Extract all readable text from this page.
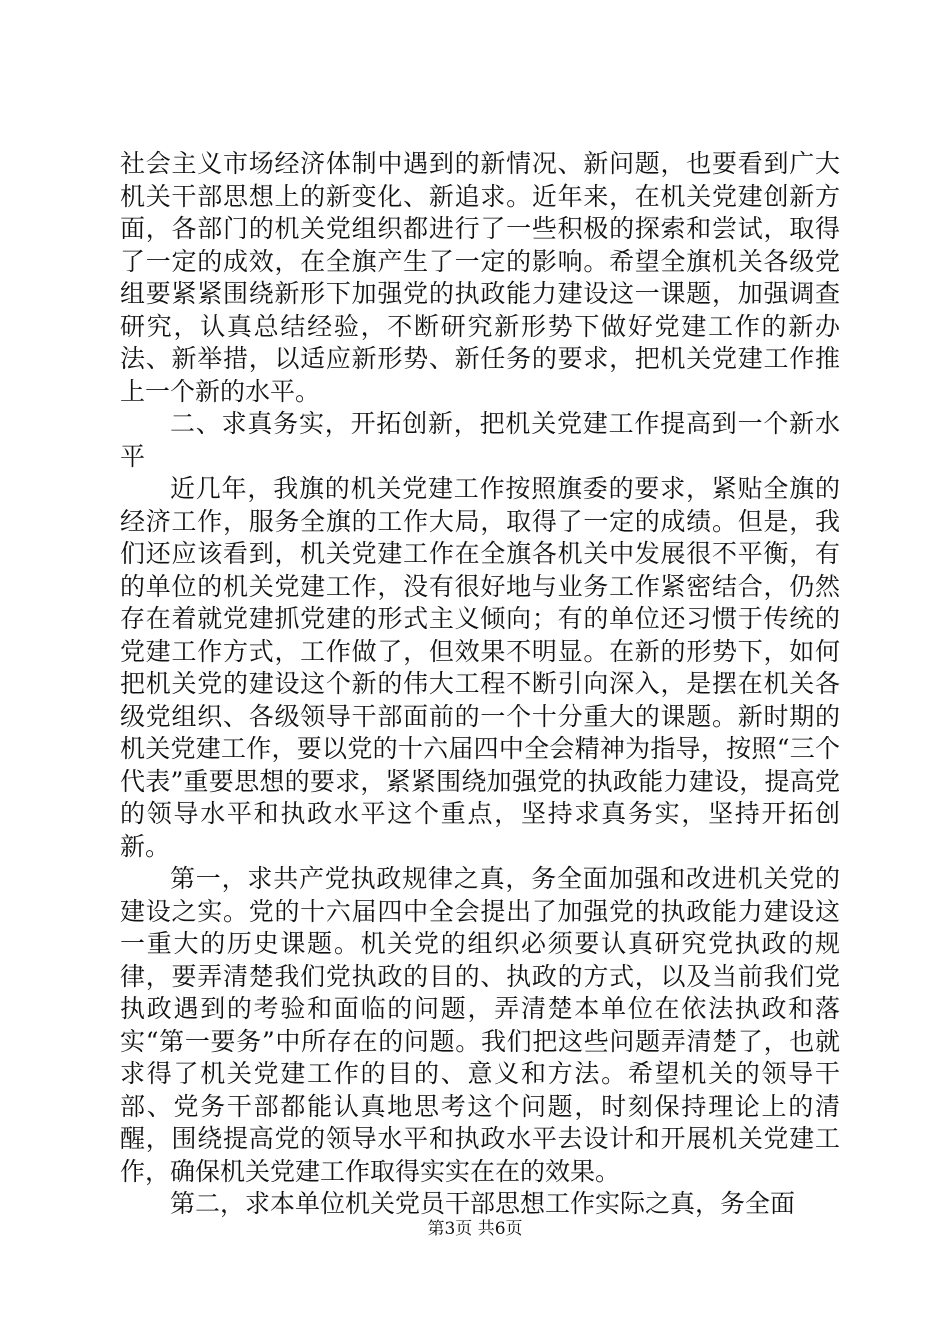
社会主义市场经济体制中遇到的新情况、新问题，也要看到广大机关干部思想上的新变化、新追求。近年来，在机关党建创新方面，各部门的机关党组织都进行了一些积极的探索和尝试，取得了一定的成效，在全旗产生了一定的影响。希望全旗机关各级党组要紧紧围绕新形下加强党的执政能力建设这一课题，加强调查研究，认真总结经验，不断研究新形势下做好党建工作的新办法、新举措，以适应新形势、新任务的要求，把机关党建工作推上一个新的水平。

二、求真务实，开拓创新，把机关党建工作提高到一个新水平

近几年，我旗的机关党建工作按照旗委的要求，紧贴全旗的经济工作，服务全旗的工作大局，取得了一定的成绩。但是，我们还应该看到，机关党建工作在全旗各机关中发展很不平衡，有的单位的机关党建工作，没有很好地与业务工作紧密结合，仍然存在着就党建抓党建的形式主义倾向；有的单位还习惯于传统的党建工作方式，工作做了，但效果不明显。在新的形势下，如何把机关党的建设这个新的伟大工程不断引向深入，是摆在机关各级党组织、各级领导干部面前的一个十分重大的课题。新时期的机关党建工作，要以党的十六届四中全会精神为指导，按照“三个代表”重要思想的要求，紧紧围绕加强党的执政能力建设，提高党的领导水平和执政水平这个重点，坚持求真务实，坚持开拓创新。

第一，求共产党执政规律之真，务全面加强和改进机关党的建设之实。党的十六届四中全会提出了加强党的执政能力建设这一重大的历史课题。机关党的组织必须要认真研究党执政的规律，要弄清楚我们党执政的目的、执政的方式，以及当前我们党执政遇到的考验和面临的问题，弄清楚本单位在依法执政和落实“第一要务”中所存在的问题。我们把这些问题弄清楚了，也就求得了机关党建工作的目的、意义和方法。希望机关的领导干部、党务干部都能认真地思考这个问题，时刻保持理论上的清醒，围绕提高党的领导水平和执政水平去设计和开展机关党建工作，确保机关党建工作取得实实在在的效果。

第二，求本单位机关党员干部思想工作实际之真，务全面

第3页 共6页
